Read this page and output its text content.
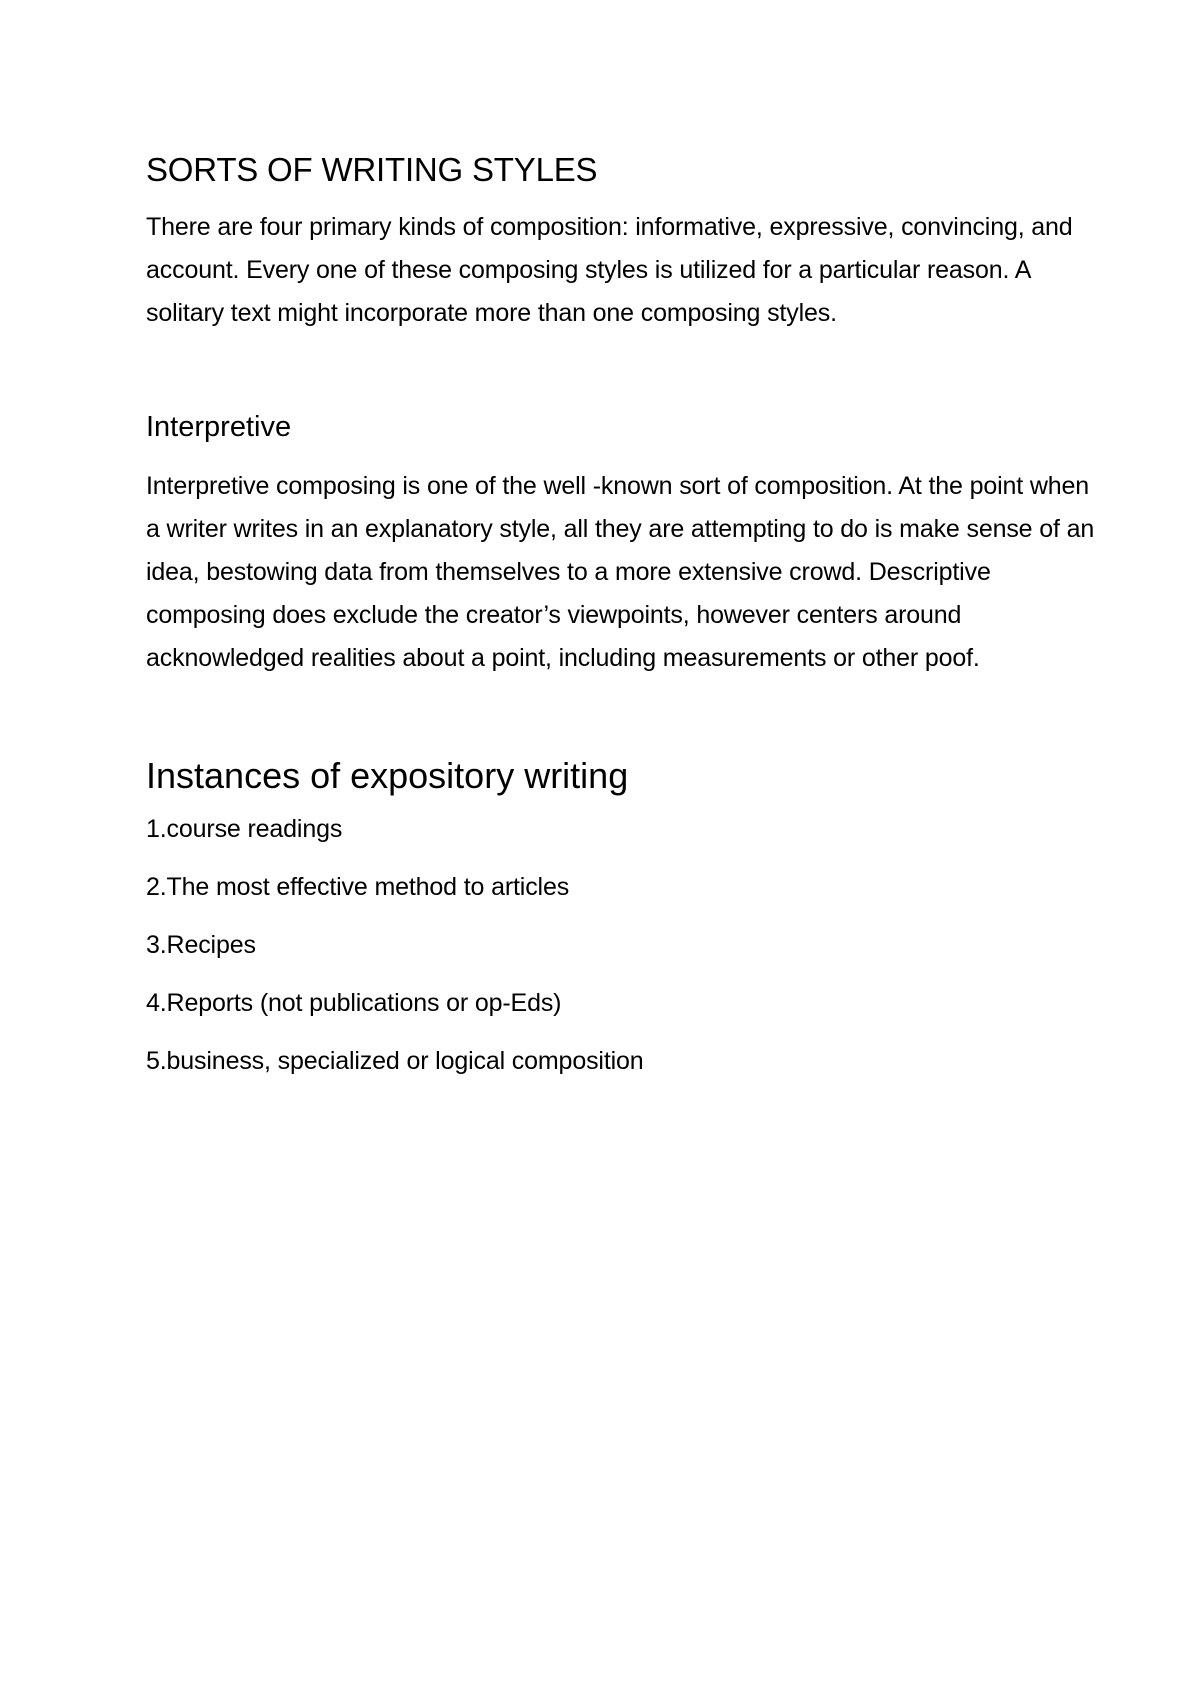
SORTS OF WRITING STYLES

There are four primary kinds of composition: informative, expressive, convincing, and account. Every one of these composing styles is utilized for a particular reason. A solitary text might incorporate more than one composing styles.

Interpretive

Interpretive composing is one of the well -known sort of composition. At the point when a writer writes in an explanatory style, all they are attempting to do is make sense of an idea, bestowing data from themselves to a more extensive crowd. Descriptive composing does exclude the creator’s viewpoints, however centers around acknowledged realities about a point, including measurements or other poof.

Instances of expository writing
1.course readings
2.The most effective method to articles
3.Recipes
4.Reports (not publications or op-Eds)
5.business, specialized or logical composition
